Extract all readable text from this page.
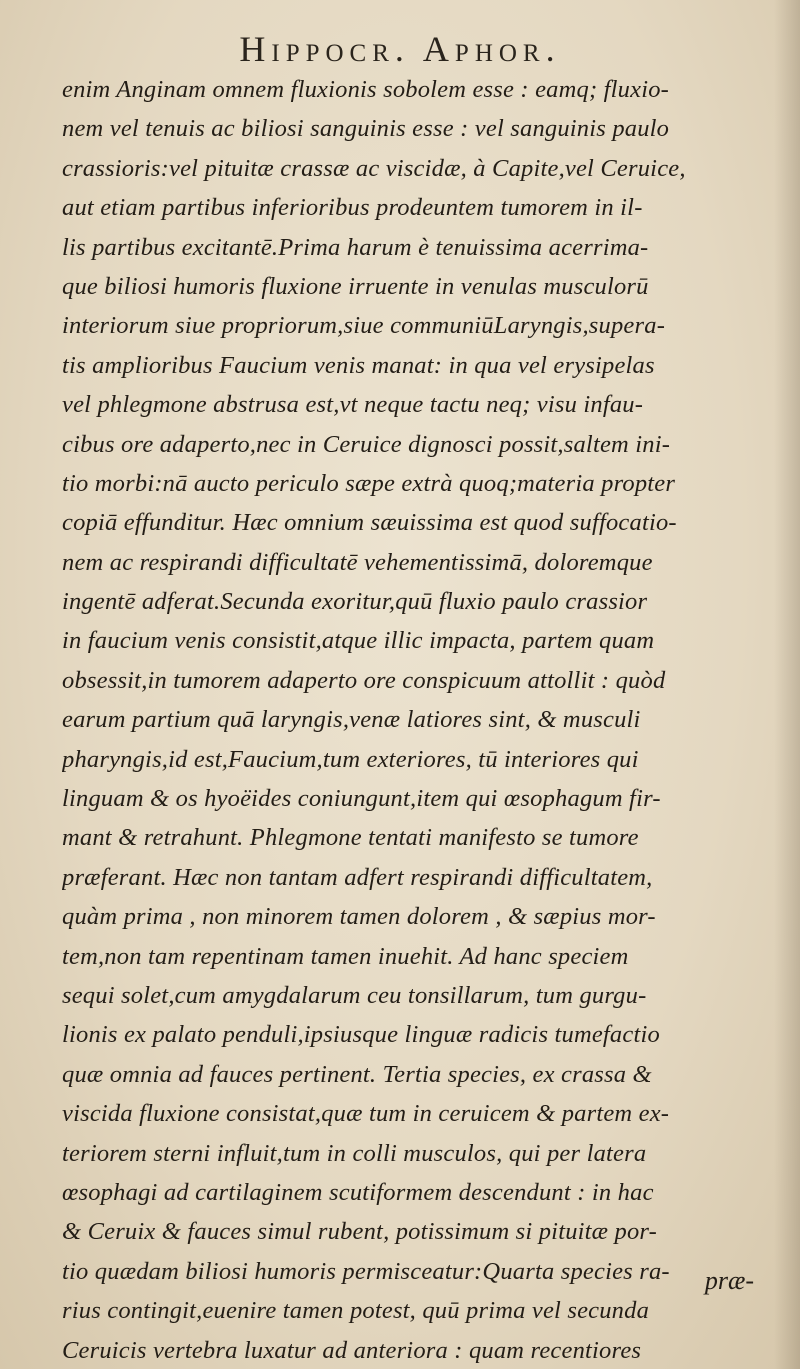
Hippocr. Aphor.
enim Anginam omnem fluxionis sobolem esse : eamq; fluxio-
nem vel tenuis ac biliosi sanguinis esse : vel sanguinis paulo
crassioris:vel pituitæ crassæ ac viscidæ, à Capite,vel Ceruice,
aut etiam partibus inferioribus prodeuntem tumorem in il-
lis partibus excitantē.Prima harum è tenuissima acerrima-
que biliosi humoris fluxione irruente in venulas musculorū
interiorum siue propriorum,siue communiūLaryngis,supera-
tis amplioribus Faucium venis manat: in qua vel erysipelas
vel phlegmone abstrusa est,vt neque tactu neq; visu infau-
cibus ore adaperto,nec in Ceruice dignosci possit,saltem ini-
tio morbi:nā aucto periculo sæpe extrà quoq;materia propter
copiā effunditur. Hæc omnium sæuissima est quod suffocatio-
nem ac respirandi difficultatē vehementissimā, doloremque
ingentē adferat.Secunda exoritur,quū fluxio paulo crassior
in faucium venis consistit,atque illic impacta, partem quam
obsessit,in tumorem adaperto ore conspicuum attollit : quòd
earum partium quā laryngis,venæ latiores sint, & musculi
pharyngis,id est,Faucium,tum exteriores, tū interiores qui
linguam & os hyoëides coniungunt,item qui œsophagum fir-
mant & retrahunt. Phlegmone tentati manifesto se tumore
præferant. Hæc non tantam adfert respirandi difficultatem,
quàm prima , non minorem tamen dolorem , & sæpius mor-
tem,non tam repentinam tamen inuehit. Ad hanc speciem
sequi solet,cum amygdalarum ceu tonsillarum, tum gurgu-
lionis ex palato penduli,ipsiusque linguæ radicis tumefactio
quæ omnia ad fauces pertinent. Tertia species, ex crassa &
viscida fluxione consistat,quæ tum in ceruicem & partem ex-
teriorem sterni influit,tum in colli musculos, qui per latera
œsophagi ad cartilaginem scutiformem descendunt : in hac
& Ceruix & fauces simul rubent, potissimum si pituitæ por-
tio quædam biliosi humoris permisceatur:Quarta species ra-
rius contingit,euenire tamen potest, quū prima vel secunda
Ceruicis vertebra luxatur ad anteriora : quam recentiores
præ-
